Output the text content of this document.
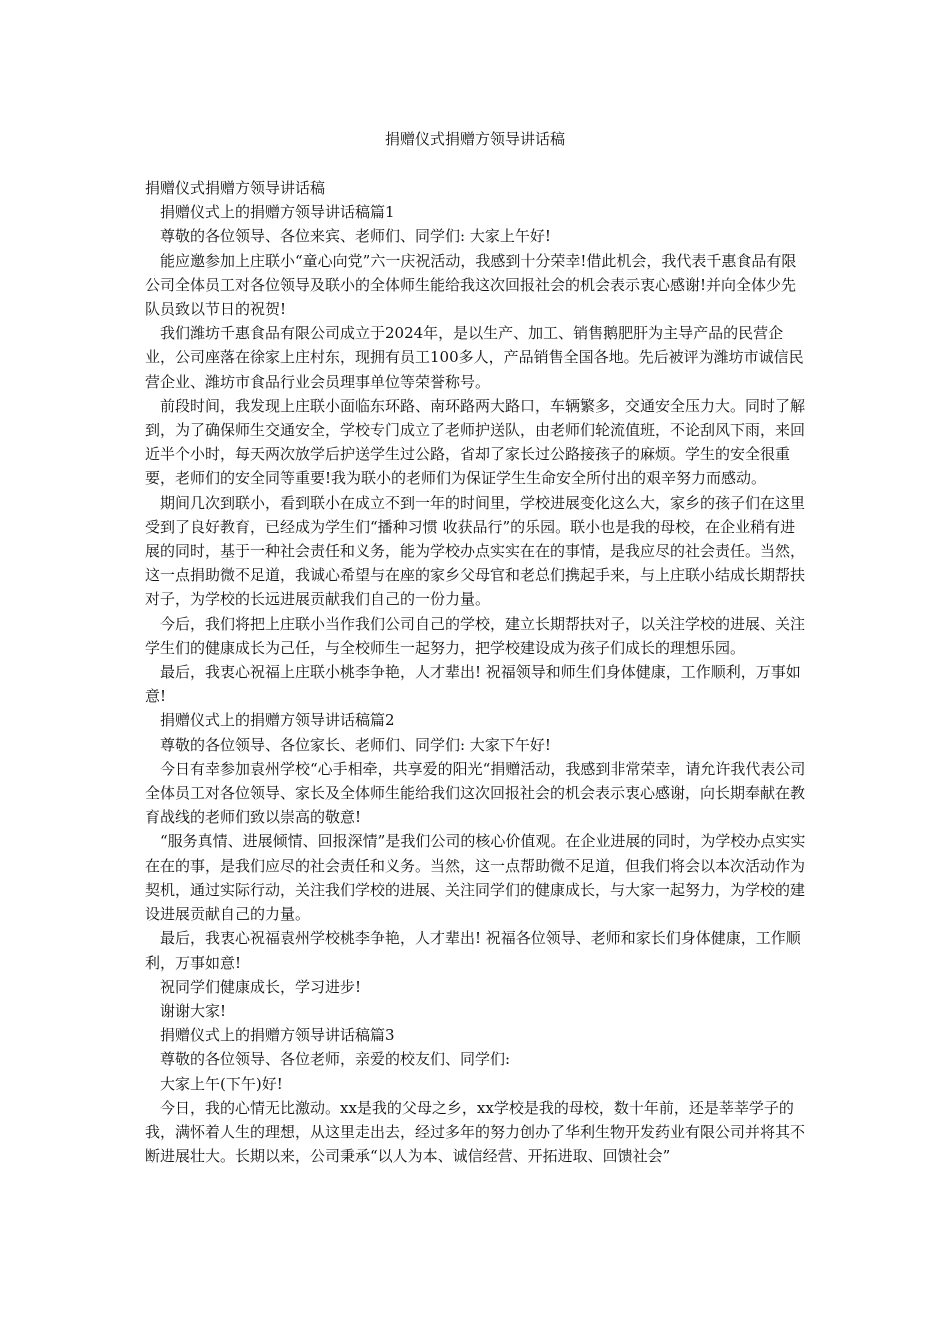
捐赠仪式捐赠方领导讲话稿

捐赠仪式捐赠方领导讲话稿

捐赠仪式上的捐赠方领导讲话稿篇1

尊敬的各位领导、各位来宾、老师们、同学们: 大家上午好!

能应邀参加上庄联小“童心向党”六一庆祝活动，我感到十分荣幸!借此机会，我代表千惠食品有限公司全体员工对各位领导及联小的全体师生能给我这次回报社会的机会表示衷心感谢!并向全体少先队员致以节日的祝贺!

我们潍坊千惠食品有限公司成立于2024年，是以生产、加工、销售鹅肥肝为主导产品的民营企业，公司座落在徐家上庄村东，现拥有员工100多人，产品销售全国各地。先后被评为潍坊市诚信民营企业、潍坊市食品行业会员理事单位等荣誉称号。

前段时间，我发现上庄联小面临东环路、南环路两大路口，车辆繁多，交通安全压力大。同时了解到，为了确保师生交通安全，学校专门成立了老师护送队，由老师们轮流值班，不论刮风下雨，来回近半个小时，每天两次放学后护送学生过公路，省却了家长过公路接孩子的麻烦。学生的安全很重要，老师们的安全同等重要!我为联小的老师们为保证学生生命安全所付出的艰辛努力而感动。

期间几次到联小，看到联小在成立不到一年的时间里，学校进展变化这么大，家乡的孩子们在这里受到了良好教育，已经成为学生们“播种习惯 收获品行”的乐园。联小也是我的母校，在企业稍有进展的同时，基于一种社会责任和义务，能为学校办点实实在在的事情，是我应尽的社会责任。当然，这一点捐助微不足道，我诚心希望与在座的家乡父母官和老总们携起手来，与上庄联小结成长期帮扶对子，为学校的长远进展贡献我们自己的一份力量。

今后，我们将把上庄联小当作我们公司自己的学校，建立长期帮扶对子，以关注学校的进展、关注学生们的健康成长为己任，与全校师生一起努力，把学校建设成为孩子们成长的理想乐园。

最后，我衷心祝福上庄联小桃李争艳，人才辈出! 祝福领导和师生们身体健康，工作顺利，万事如意!

捐赠仪式上的捐赠方领导讲话稿篇2

尊敬的各位领导、各位家长、老师们、同学们: 大家下午好!

今日有幸参加袁州学校“心手相牵，共享爱的阳光“捐赠活动，我感到非常荣幸，请允许我代表公司全体员工对各位领导、家长及全体师生能给我们这次回报社会的机会表示衷心感谢，向长期奉献在教育战线的老师们致以崇高的敬意!

“服务真情、进展倾情、回报深情”是我们公司的核心价值观。在企业进展的同时，为学校办点实实在在的事，是我们应尽的社会责任和义务。当然，这一点帮助微不足道，但我们将会以本次活动作为契机，通过实际行动，关注我们学校的进展、关注同学们的健康成长，与大家一起努力，为学校的建设进展贡献自己的力量。

最后，我衷心祝福袁州学校桃李争艳，人才辈出! 祝福各位领导、老师和家长们身体健康，工作顺利，万事如意!

祝同学们健康成长，学习进步!

谢谢大家!

捐赠仪式上的捐赠方领导讲话稿篇3

尊敬的各位领导、各位老师，亲爱的校友们、同学们:

大家上午(下午)好!

今日，我的心情无比激动。xx是我的父母之乡，xx学校是我的母校，数十年前，还是莘莘学子的我，满怀着人生的理想，从这里走出去，经过多年的努力创办了华利生物开发药业有限公司并将其不断进展壮大。长期以来，公司秉承“以人为本、诚信经营、开拓进取、回馈社会”
